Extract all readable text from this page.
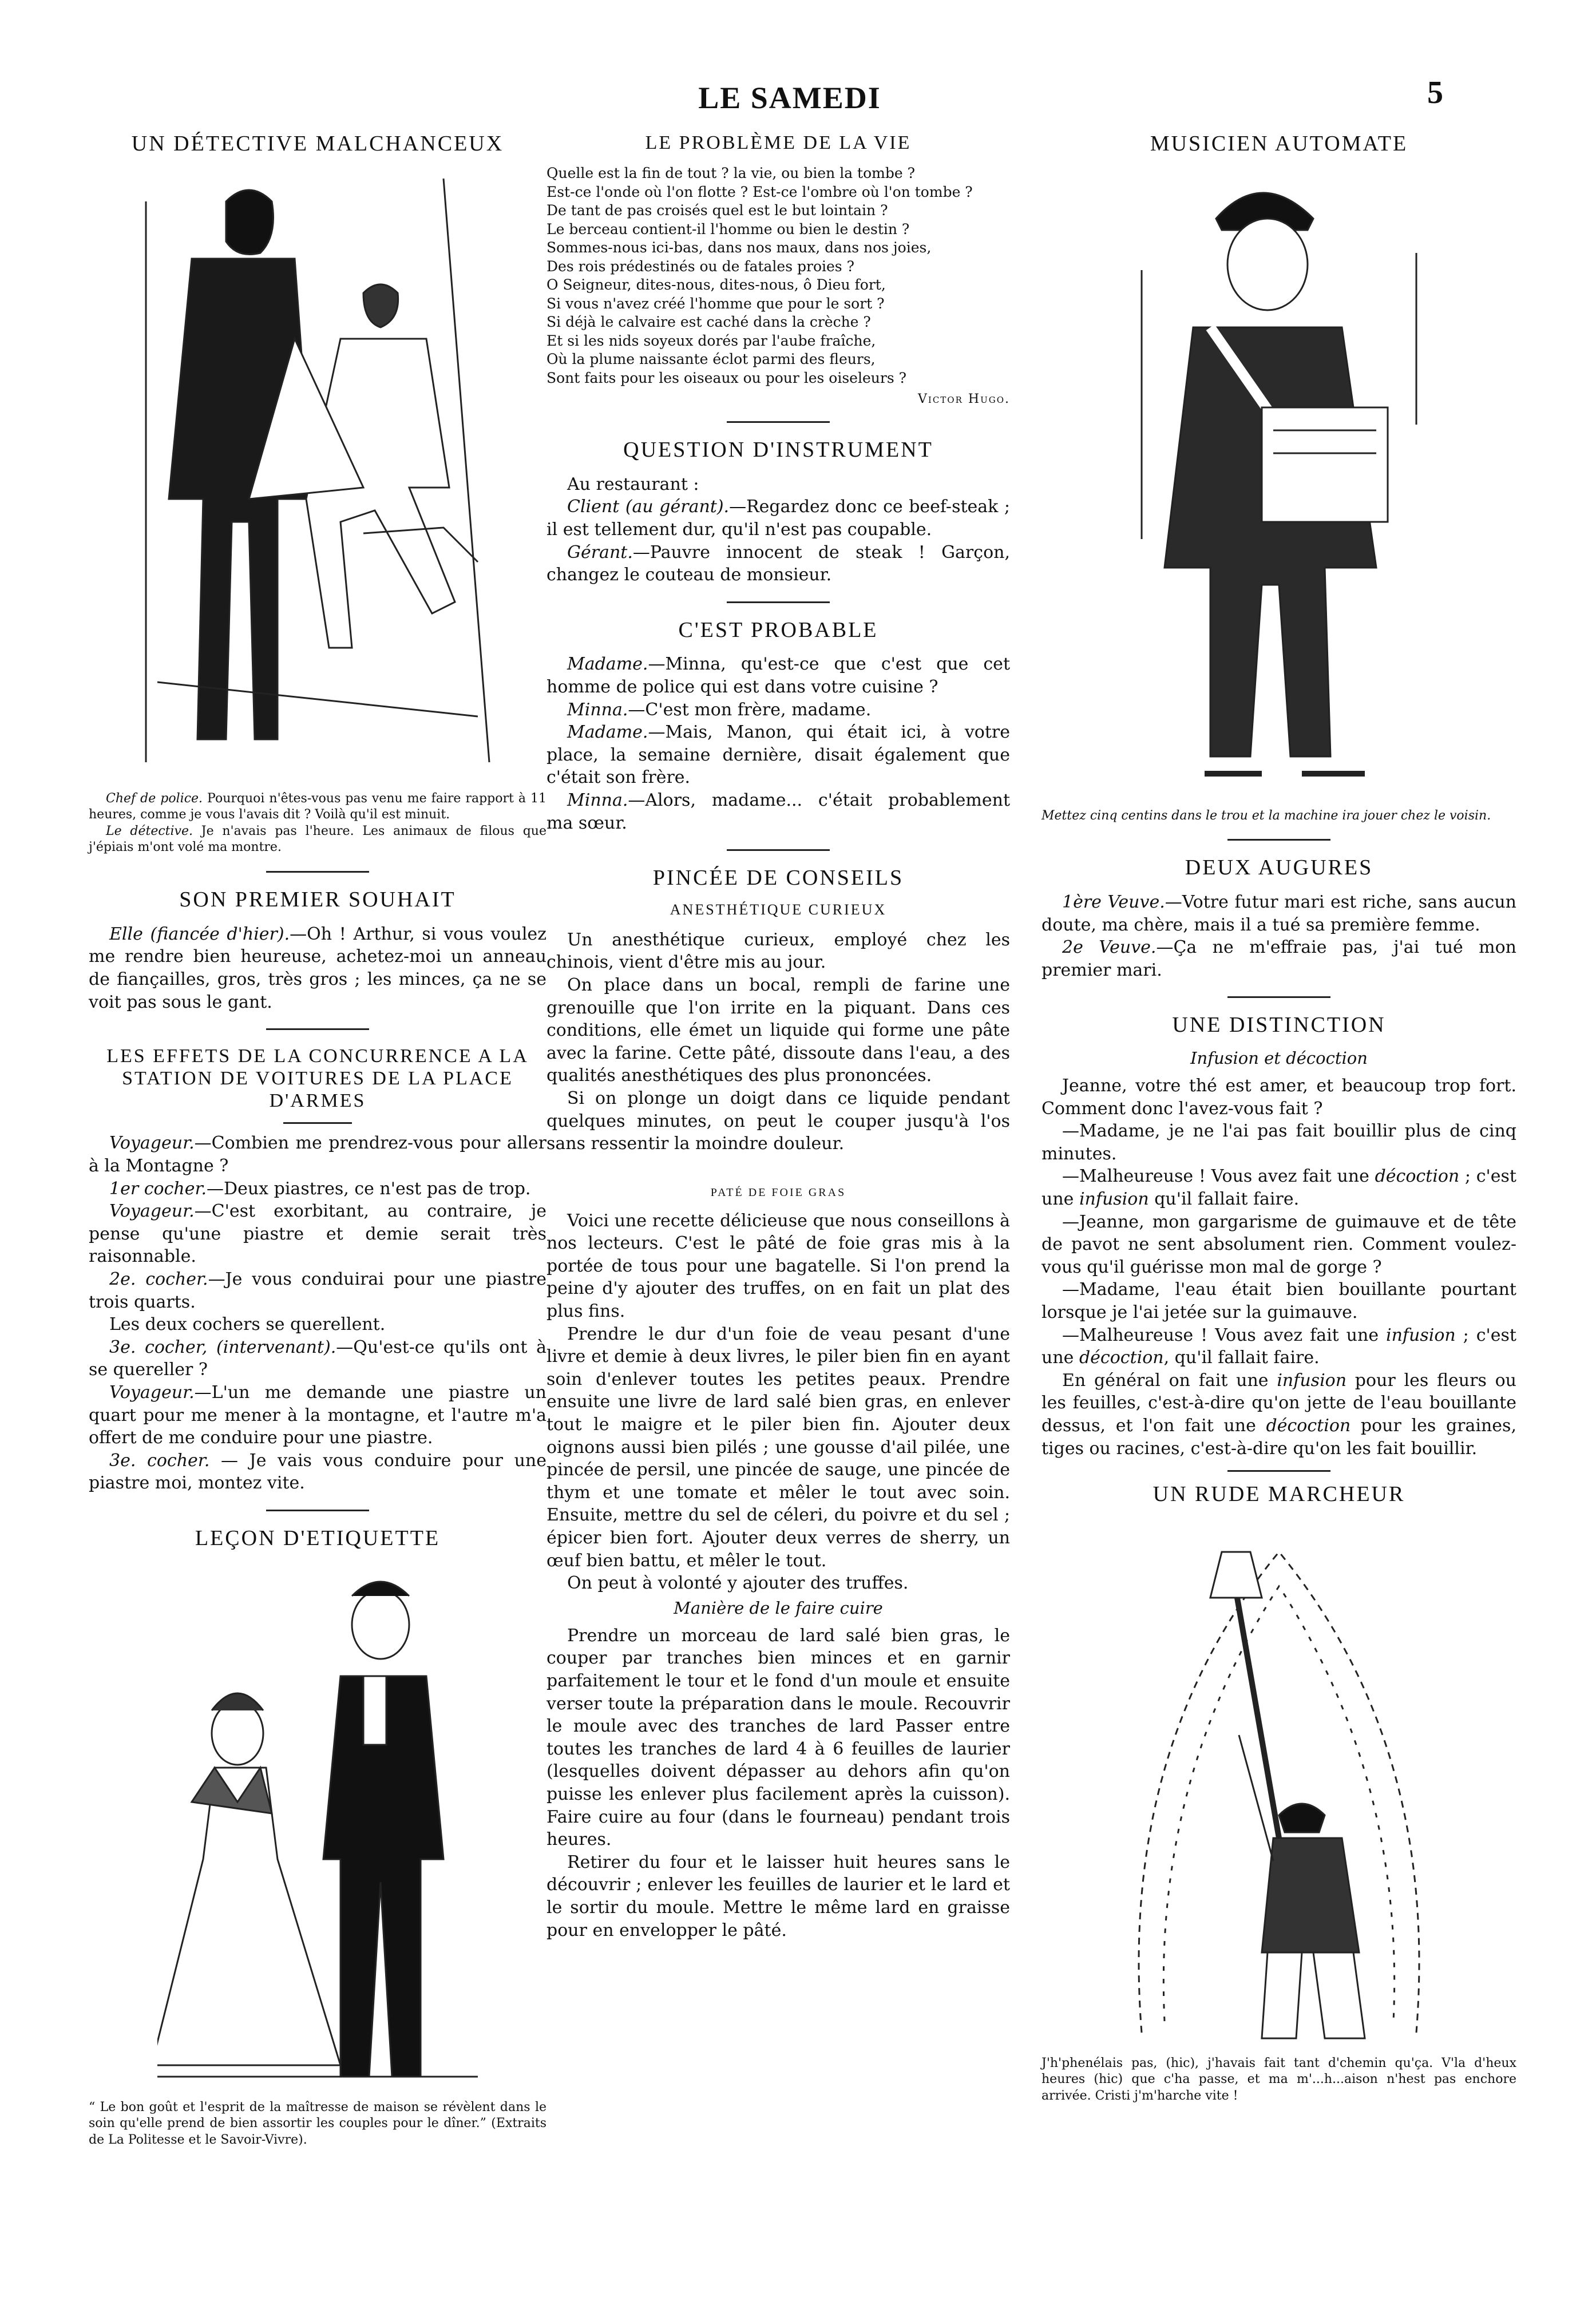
LE SAMEDI	5
UN DÉTECTIVE MALCHANCEUX
Chef de police. Pourquoi n'êtes-vous pas venu me faire rapport à 11 heures, comme je vous l'avais dit ? Voilà qu'il est minuit.
Le détective. Je n'avais pas l'heure. Les animaux de filous que j'épiais m'ont volé ma montre.
SON PREMIER SOUHAIT

Elle (fiancée d'hier).—Oh ! Arthur, si vous voulez me rendre bien heureuse, achetez-moi un anneau de fiançailles, gros, très gros ; les minces, ça ne se voit pas sous le gant.

LES EFFETS DE LA CONCURRENCE A LA STATION DE VOITURES DE LA PLACE D'ARMES

Voyageur.—Combien me prendrez-vous pour aller à la Montagne ?

1er cocher.—Deux piastres, ce n'est pas de trop.

Voyageur.—C'est exorbitant, au contraire, je pense qu'une piastre et demie serait très raisonnable.

2e. cocher.—Je vous conduirai pour une piastre trois quarts.

Les deux cochers se querellent.

3e. cocher, (intervenant).—Qu'est-ce qu'ils ont à se quereller ?

Voyageur.—L'un me demande une piastre un quart pour me mener à la montagne, et l'autre m'a offert de me conduire pour une piastre.

3e. cocher. — Je vais vous conduire pour une piastre moi, montez vite.

LEÇON D'ETIQUETTE
“ Le bon goût et l'esprit de la maîtresse de maison se révèlent dans le soin qu'elle prend de bien assortir les couples pour le dîner.” (Extraits de La Politesse et le Savoir-Vivre).
LE PROBLÈME DE LA VIE
Quelle est la fin de tout ? la vie, ou bien la tombe ?
Est-ce l'onde où l'on flotte ? Est-ce l'ombre où l'on tombe ?
De tant de pas croisés quel est le but lointain ?
Le berceau contient-il l'homme ou bien le destin ?
Sommes-nous ici-bas, dans nos maux, dans nos joies,
Des rois prédestinés ou de fatales proies ?
O Seigneur, dites-nous, dites-nous, ô Dieu fort,
Si vous n'avez créé l'homme que pour le sort ?
Si déjà le calvaire est caché dans la crèche ?
Et si les nids soyeux dorés par l'aube fraîche,
Où la plume naissante éclot parmi des fleurs,
Sont faits pour les oiseaux ou pour les oiseleurs ?
Victor Hugo.
QUESTION D'INSTRUMENT

Au restaurant :

Client (au gérant).—Regardez donc ce beef-steak ; il est tellement dur, qu'il n'est pas coupable.

Gérant.—Pauvre innocent de steak ! Garçon, changez le couteau de monsieur.

C'EST PROBABLE

Madame.—Minna, qu'est-ce que c'est que cet homme de police qui est dans votre cuisine ?

Minna.—C'est mon frère, madame.

Madame.—Mais, Manon, qui était ici, à votre place, la semaine dernière, disait également que c'était son frère.

Minna.—Alors, madame... c'était probablement ma sœur.

PINCÉE DE CONSEILS
ANESTHÉTIQUE CURIEUX

Un anesthétique curieux, employé chez les chinois, vient d'être mis au jour.

On place dans un bocal, rempli de farine une grenouille que l'on irrite en la piquant. Dans ces conditions, elle émet un liquide qui forme une pâte avec la farine. Cette pâté, dissoute dans l'eau, a des qualités anesthétiques des plus prononcées.

Si on plonge un doigt dans ce liquide pendant quelques minutes, on peut le couper jusqu'à l'os sans ressentir la moindre douleur.

PATÉ DE FOIE GRAS

Voici une recette délicieuse que nous conseillons à nos lecteurs. C'est le pâté de foie gras mis à la portée de tous pour une bagatelle. Si l'on prend la peine d'y ajouter des truffes, on en fait un plat des plus fins.

Prendre le dur d'un foie de veau pesant d'une livre et demie à deux livres, le piler bien fin en ayant soin d'enlever toutes les petites peaux. Prendre ensuite une livre de lard salé bien gras, en enlever tout le maigre et le piler bien fin. Ajouter deux oignons aussi bien pilés ; une gousse d'ail pilée, une pincée de persil, une pincée de sauge, une pincée de thym et une tomate et mêler le tout avec soin. Ensuite, mettre du sel de céleri, du poivre et du sel ; épicer bien fort. Ajouter deux verres de sherry, un œuf bien battu, et mêler le tout.

On peut à volonté y ajouter des truffes.

Manière de le faire cuire

Prendre un morceau de lard salé bien gras, le couper par tranches bien minces et en garnir parfaitement le tour et le fond d'un moule et ensuite verser toute la préparation dans le moule. Recouvrir le moule avec des tranches de lard Passer entre toutes les tranches de lard 4 à 6 feuilles de laurier (lesquelles doivent dépasser au dehors afin qu'on puisse les enlever plus facilement après la cuisson). Faire cuire au four (dans le fourneau) pendant trois heures.

Retirer du four et le laisser huit heures sans le découvrir ; enlever les feuilles de laurier et le lard et le sortir du moule. Mettre le même lard en graisse pour en envelopper le pâté.

MUSICIEN AUTOMATE
Mettez cinq centins dans le trou et la machine ira jouer chez le voisin.
DEUX AUGURES

1ère Veuve.—Votre futur mari est riche, sans aucun doute, ma chère, mais il a tué sa première femme.

2e Veuve.—Ça ne m'effraie pas, j'ai tué mon premier mari.

UNE DISTINCTION
Infusion et décoction

Jeanne, votre thé est amer, et beaucoup trop fort. Comment donc l'avez-vous fait ?

—Madame, je ne l'ai pas fait bouillir plus de cinq minutes.

—Malheureuse ! Vous avez fait une décoction ; c'est une infusion qu'il fallait faire.

—Jeanne, mon gargarisme de guimauve et de tête de pavot ne sent absolument rien. Comment voulez-vous qu'il guérisse mon mal de gorge ?

—Madame, l'eau était bien bouillante pourtant lorsque je l'ai jetée sur la guimauve.

—Malheureuse ! Vous avez fait une infusion ; c'est une décoction, qu'il fallait faire.

En général on fait une infusion pour les fleurs ou les feuilles, c'est-à-dire qu'on jette de l'eau bouillante dessus, et l'on fait une décoction pour les graines, tiges ou racines, c'est-à-dire qu'on les fait bouillir.

UN RUDE MARCHEUR
J'h'phenélais pas, (hic), j'havais fait tant d'chemin qu'ça. V'la d'heux heures (hic) que c'ha passe, et ma m'...h...aison n'hest pas enchore arrivée. Cristi j'm'harche vite !
